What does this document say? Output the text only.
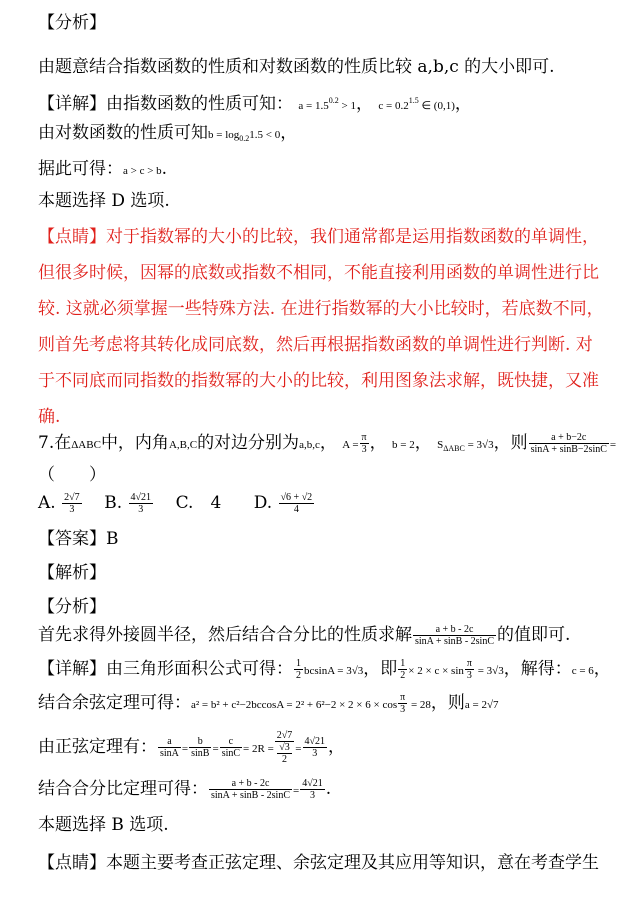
【分析】
由题意结合指数函数的性质和对数函数的性质比较 a,b,c 的大小即可.
【详解】由指数函数的性质可知： $a = 1.5^{0.2} > 1$， $c = 0.2^{1.5}$ ∈ (0,1)，
由对数函数的性质可知$b = \log_{0.2}1.5 < 0$，
据此可得：a > c > b.
本题选择 D 选项.
【点睛】对于指数幂的大小的比较，我们通常都是运用指数函数的单调性，
但很多时候，因幂的底数或指数不相同，不能直接利用函数的单调性进行比
较. 这就必须掌握一些特殊方法. 在进行指数幂的大小比较时，若底数不同，
则首先考虑将其转化成同底数，然后再根据指数函数的单调性进行判断. 对
于不同底而同指数的指数幂的大小的比较，利用图象法求解，既快捷，又准
确.
7.在ΔABC中，内角A,B,C的对边分别为a,b,c， $A = \frac{\pi}{3}$ ， b = 2， $S_{\Delta ABC} = 3√3$，则 $\frac{a + b-2c}{\sin A + \sin B-2\sin C}$ =
（　　）
A. $\frac{2√7}{3} B$. $\frac{4√21}{3} C$.　4 D. $\frac{√6 + √2}{4}$
【答案】B
【解析】
【分析】
首先求得外接圆半径，然后结合合分比的性质求解 $\frac{a + b - 2c}{\sin A + \sin B - 2\sin C}$ 的值即可.
【详解】由三角形面积公式可得： $\frac{1}{2}$ bcsinA = 3√3，即 $\frac{1}{2} \times 2 \times c \times \sin \frac{\pi}{3} = 3√3$，解得：c = 6，
结合余弦定理可得：$a^2 = b^2 + c^2-2bccosA = 2^2 + 6^2-2 \times 2 \times 6 \times \cos \frac{\pi}{3} = 28$，则a = 2√7
由正弦定理有： $\frac{a}{\sin A} = \frac{b}{\sin B} = \frac{c}{\sin C} = 2R = 2√7$
√3
$2 = \frac{4√21}{3}$ ，
结合合分比定理可得： $\frac{a + b - 2c}{\sin A + \sin B - 2\sin C} = \frac{4√21}{3}$ .
本题选择 B 选项.
【点睛】本题主要考查正弦定理、余弦定理及其应用等知识，意在考查学生
